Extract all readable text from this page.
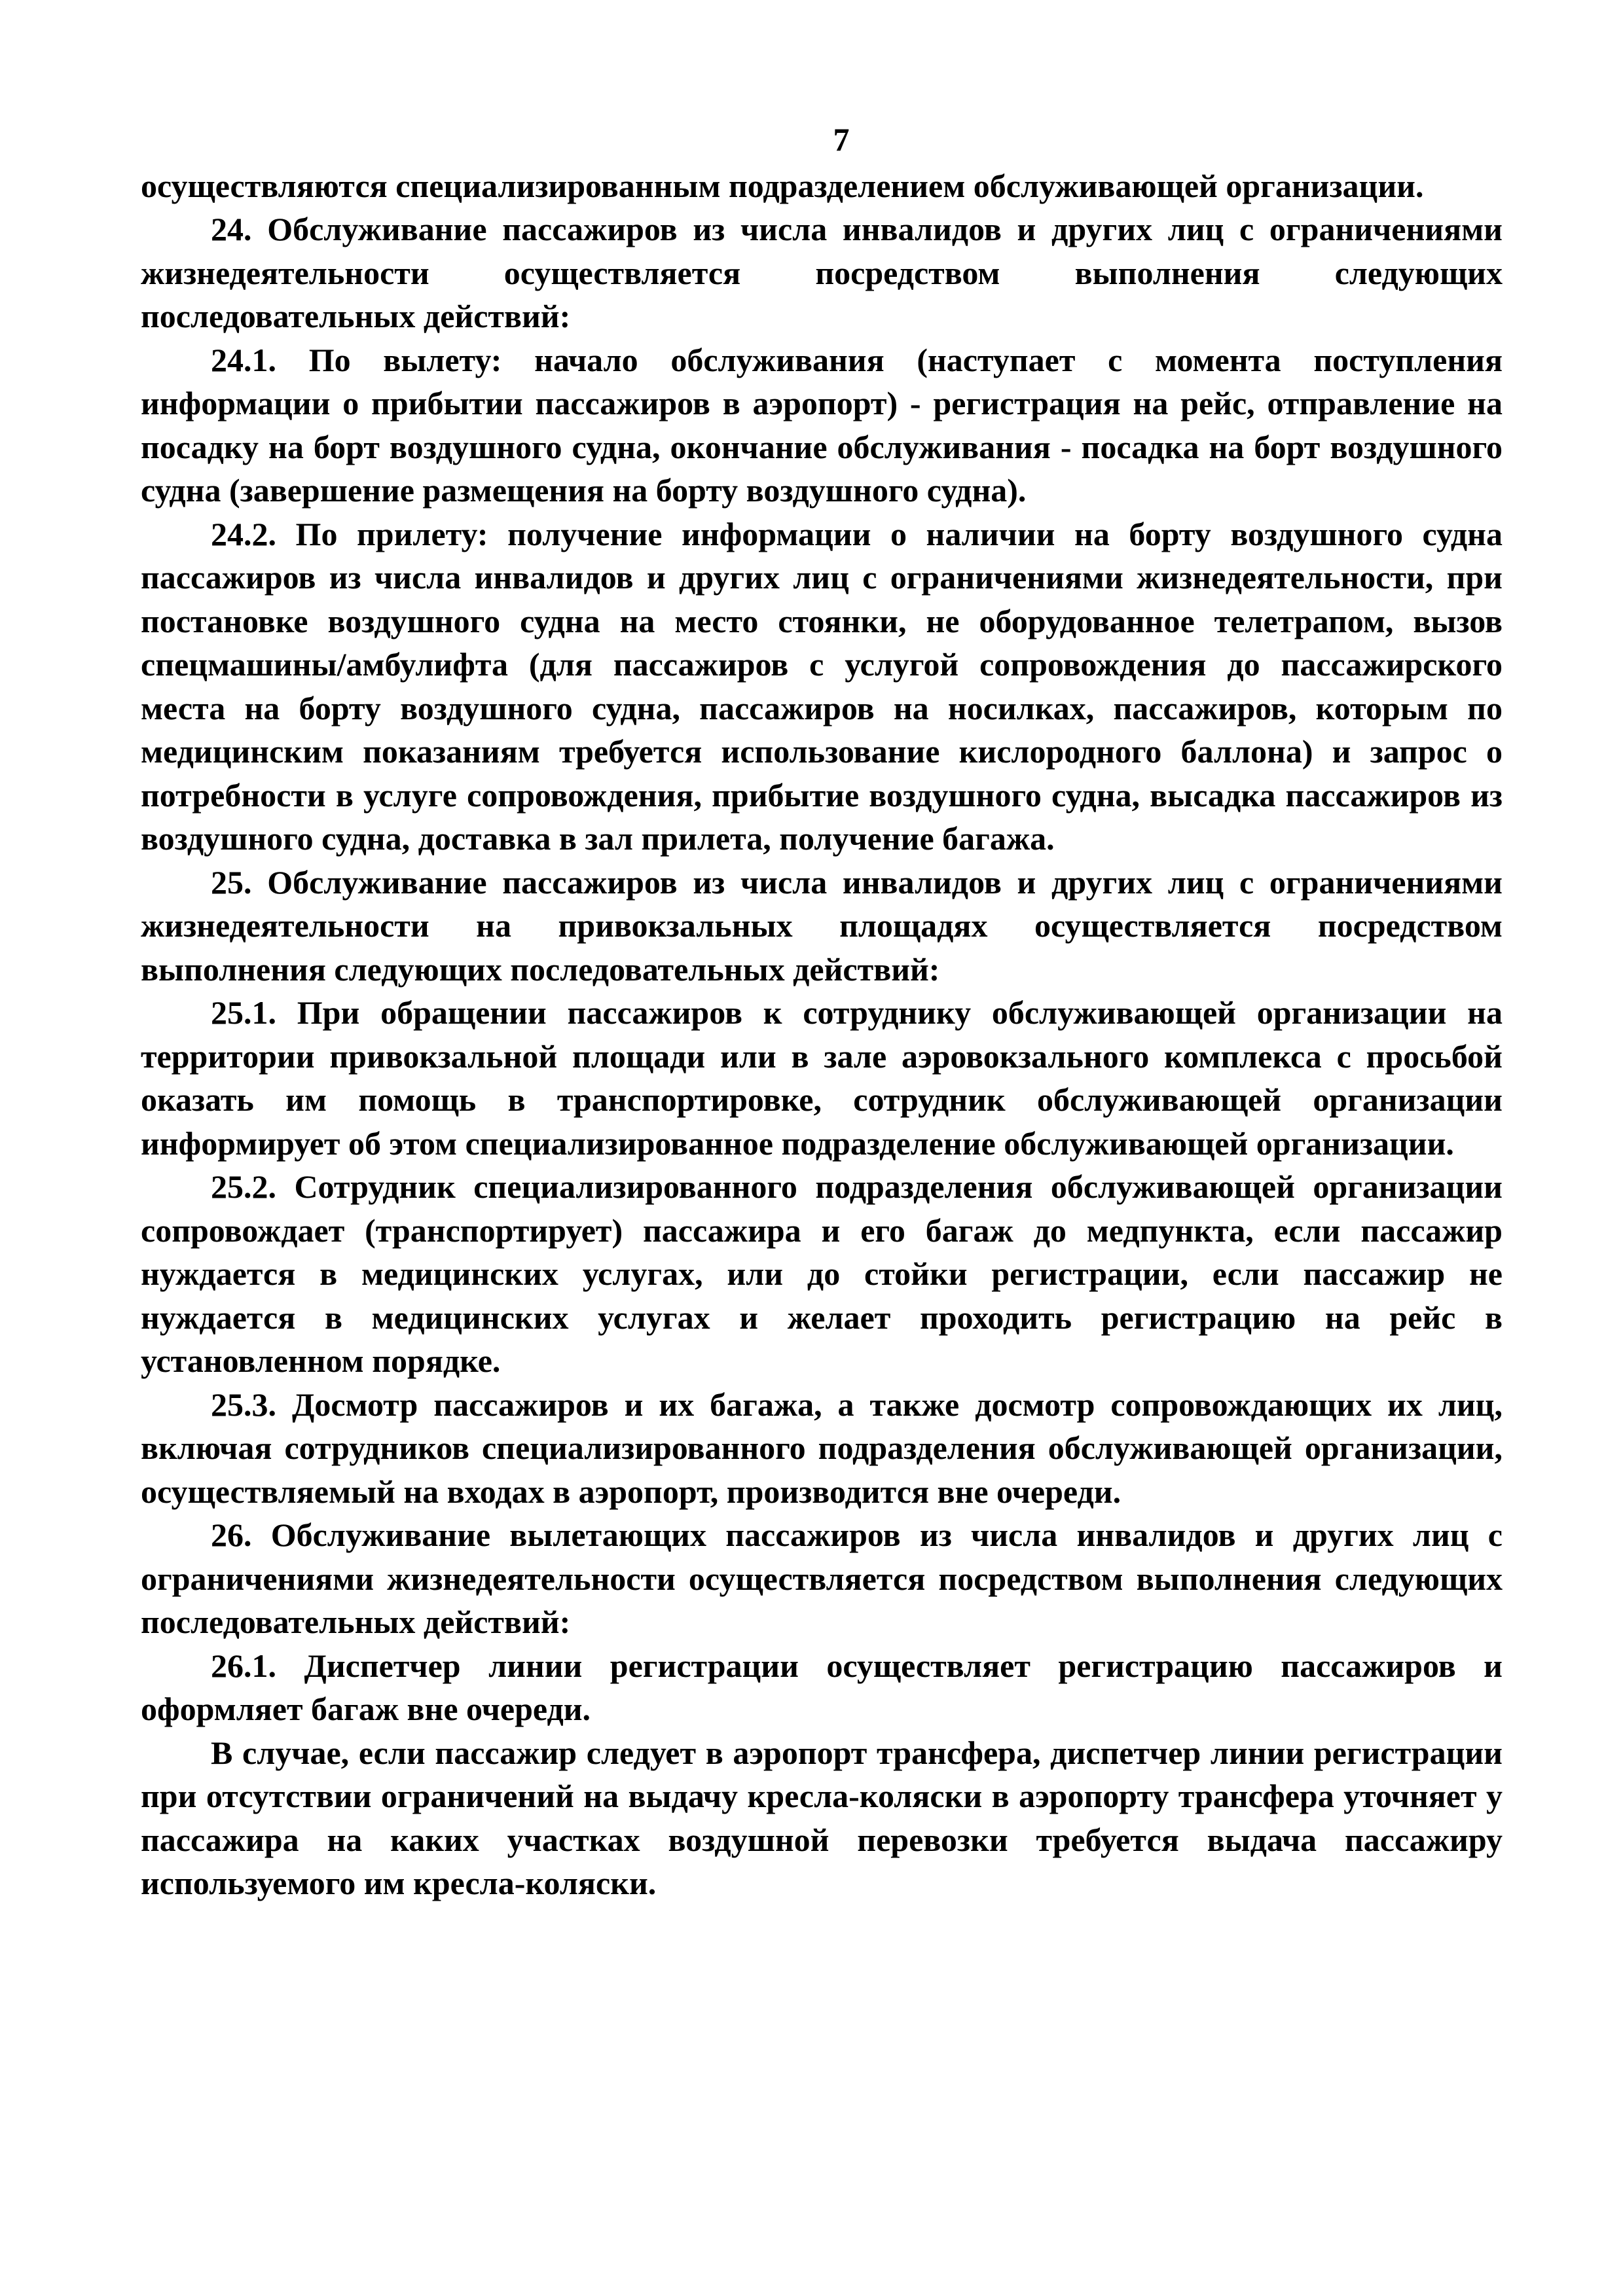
7

осуществляются специализированным подразделением обслуживающей организации.

24. Обслуживание пассажиров из числа инвалидов и других лиц с ограничениями жизнедеятельности осуществляется посредством выполнения следующих последовательных действий:

24.1. По вылету: начало обслуживания (наступает с момента поступления информации о прибытии пассажиров в аэропорт) - регистрация на рейс, отправление на посадку на борт воздушного судна, окончание обслуживания - посадка на борт воздушного судна (завершение размещения на борту воздушного судна).

24.2. По прилету: получение информации о наличии на борту воздушного судна пассажиров из числа инвалидов и других лиц с ограничениями жизнедеятельности, при постановке воздушного судна на место стоянки, не оборудованное телетрапом, вызов спецмашины/амбулифта (для пассажиров с услугой сопровождения до пассажирского места на борту воздушного судна, пассажиров на носилках, пассажиров, которым по медицинским показаниям требуется использование кислородного баллона) и запрос о потребности в услуге сопровождения, прибытие воздушного судна, высадка пассажиров из воздушного судна, доставка в зал прилета, получение багажа.

25. Обслуживание пассажиров из числа инвалидов и других лиц с ограничениями жизнедеятельности на привокзальных площадях осуществляется посредством выполнения следующих последовательных действий:

25.1. При обращении пассажиров к сотруднику обслуживающей организации на территории привокзальной площади или в зале аэровокзального комплекса с просьбой оказать им помощь в транспортировке, сотрудник обслуживающей организации информирует об этом специализированное подразделение обслуживающей организации.

25.2. Сотрудник специализированного подразделения обслуживающей организации сопровождает (транспортирует) пассажира и его багаж до медпункта, если пассажир нуждается в медицинских услугах, или до стойки регистрации, если пассажир не нуждается в медицинских услугах и желает проходить регистрацию на рейс в установленном порядке.

25.3. Досмотр пассажиров и их багажа, а также досмотр сопровождающих их лиц, включая сотрудников специализированного подразделения обслуживающей организации, осуществляемый на входах в аэропорт, производится вне очереди.

26. Обслуживание вылетающих пассажиров из числа инвалидов и других лиц с ограничениями жизнедеятельности осуществляется посредством выполнения следующих последовательных действий:

26.1. Диспетчер линии регистрации осуществляет регистрацию пассажиров и оформляет багаж вне очереди.

В случае, если пассажир следует в аэропорт трансфера, диспетчер линии регистрации при отсутствии ограничений на выдачу кресла-коляски в аэропорту трансфера уточняет у пассажира на каких участках воздушной перевозки требуется выдача пассажиру используемого им кресла-коляски.
